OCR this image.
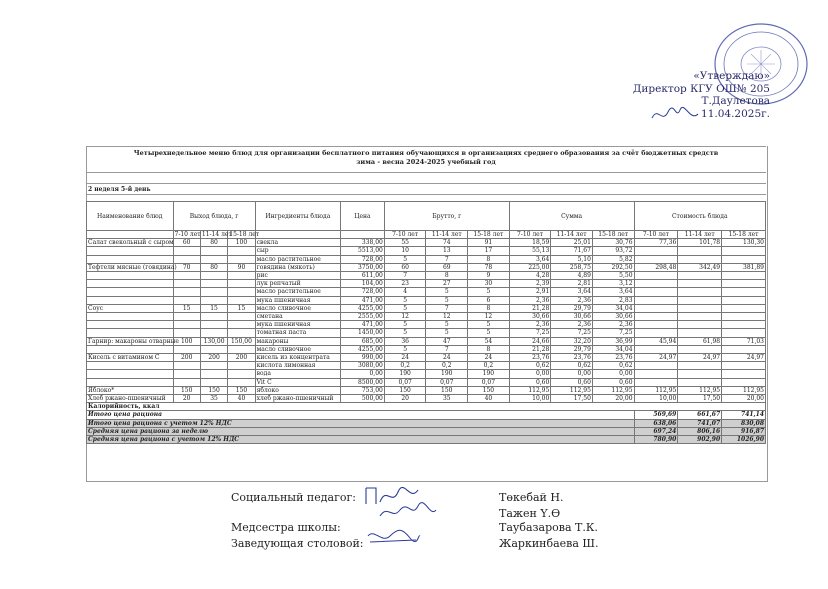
«Утверждаю»
Директор КГУ ОШ№ 205
Т.Даулетова
11.04.2025г.
Четырехнедельное меню блюд для организации бесплатного питания обучающихся в организациях среднего образования за счёт бюджетных средств
зима - весна 2024-2025 учебный год
2 неделя 5-й день
Наименование блюд	Выход блюда, г			Ингредиенты блюда	Цена	Брутто, г			Сумма			Стоимость блюда		
	7-10 лет	11-14 лет	15-18 лет			7-10 лет	11-14 лет	15-18 лет	7-10 лет	11-14 лет	15-18 лет	7-10 лет	11-14 лет	15-18 лет
Салат свекольный с сыром	60	80	100	свекла	338,00	55	74	91	18,59	25,01	30,76	77,36	101,78	130,30
				сыр	5513,00	10	13	17	55,13	71,67	93,72			
				масло растительное	728,00	5	7	8	3,64	5,10	5,82			
Тефтели мясные (говядина)	70	80	90	говядина (мякоть)	3750,00	60	69	78	225,00	258,75	292,50	298,48	342,49	381,89
				рис	611,00	7	8	9	4,28	4,89	5,50			
				лук репчатый	104,00	23	27	30	2,39	2,81	3,12			
				масло растительное	728,00	4	5	5	2,91	3,64	3,64			
				мука пшеничная	471,00	5	5	6	2,36	2,36	2,83			
Соус	15	15	15	масло сливочное	4255,00	5	7	8	21,28	29,79	34,04			
				сметана	2555,00	12	12	12	30,66	30,66	30,66			
				мука пшеничная	471,00	5	5	5	2,36	2,36	2,36			
				томатная паста	1450,00	5	5	5	7,25	7,25	7,25			
Гарнир: макароны отварные	100	130,00	150,00	макароны	685,00	36	47	54	24,66	32,20	36,99	45,94	61,98	71,03
				масло сливочное	4255,00	5	7	8	21,28	29,79	34,04			
Кисель с витамином С	200	200	200	кисель из концентрата	990,00	24	24	24	23,76	23,76	23,76	24,97	24,97	24,97
				кислота лимонная	3080,00	0,2	0,2	0,2	0,62	0,62	0,62			
				вода	0,00	190	190	190	0,00	0,00	0,00			
				Vit C	8500,00	0,07	0,07	0,07	0,60	0,60	0,60			
Яблоко*	150	150	150	яблоко	753,00	150	150	150	112,95	112,95	112,95	112,95	112,95	112,95
Хлеб ржано-пшеничный	20	35	40	хлеб ржано-пшеничный	500,00	20	35	40	10,00	17,50	20,00	10,00	17,50	20,00
Калорийность, ккал														
Итого цена рациона												569,69	661,67	741,14
Итого цена рациона с учетом 12% НДС												638,06	741,07	830,08
Средняя цена рациона за неделю												697,24	806,16	916,87
Средняя цена рациона с учетом 12% НДС												780,90	902,90	1026,90
Социальный педагог:	Төкебай Н.
Тажен Ү.Ө
Медсестра школы:	Таубазарова Т.К.
Заведующая столовой:	Жаркинбаева Ш.
